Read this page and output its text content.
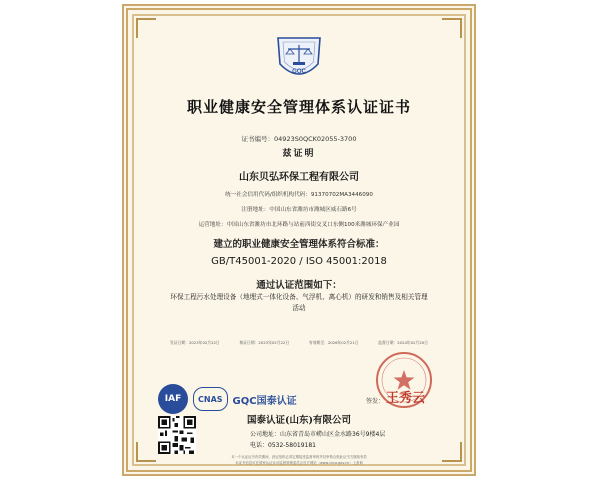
GQC
职业健康安全管理体系认证证书
证书编号：04923S0QCK02055-3700
兹证明
山东贝弘环保工程有限公司
统一社会信用代码/组织机构代码：91370702MA3446090
注册地址：中国山东省潍坊市潍城区威石路6号
运营地址：中国山东省潍坊市北环路与站前西街交叉口东侧100米潍城环保产业园
建立的职业健康安全管理体系符合标准：
GB/T45001-2020 / ISO 45001:2018
通过认证范围如下：
环保工程污水处理设备（地埋式一体化设备、气浮机、离心机）的研发和销售及相关管理活动
发证日期：2023年02月22日	换证日期：2023年02月22日	有效期至：2026年02月21日	监督日期：2024年02月20日
IAF	CNAS	GQC国泰认证	签发： 王秀云
国泰认证(山东)有限公司
公司地址：山东省青岛市崂山区金水路36号9楼4层
电话：0532-58019181
本一个认证证书有效期间，获证组织必须定期接受监督审核并经审核合格此证书方继续有效
本证书信息可在国家认证认可监督管理委员会官方网站（www.cnca.gov.cn）上查询
